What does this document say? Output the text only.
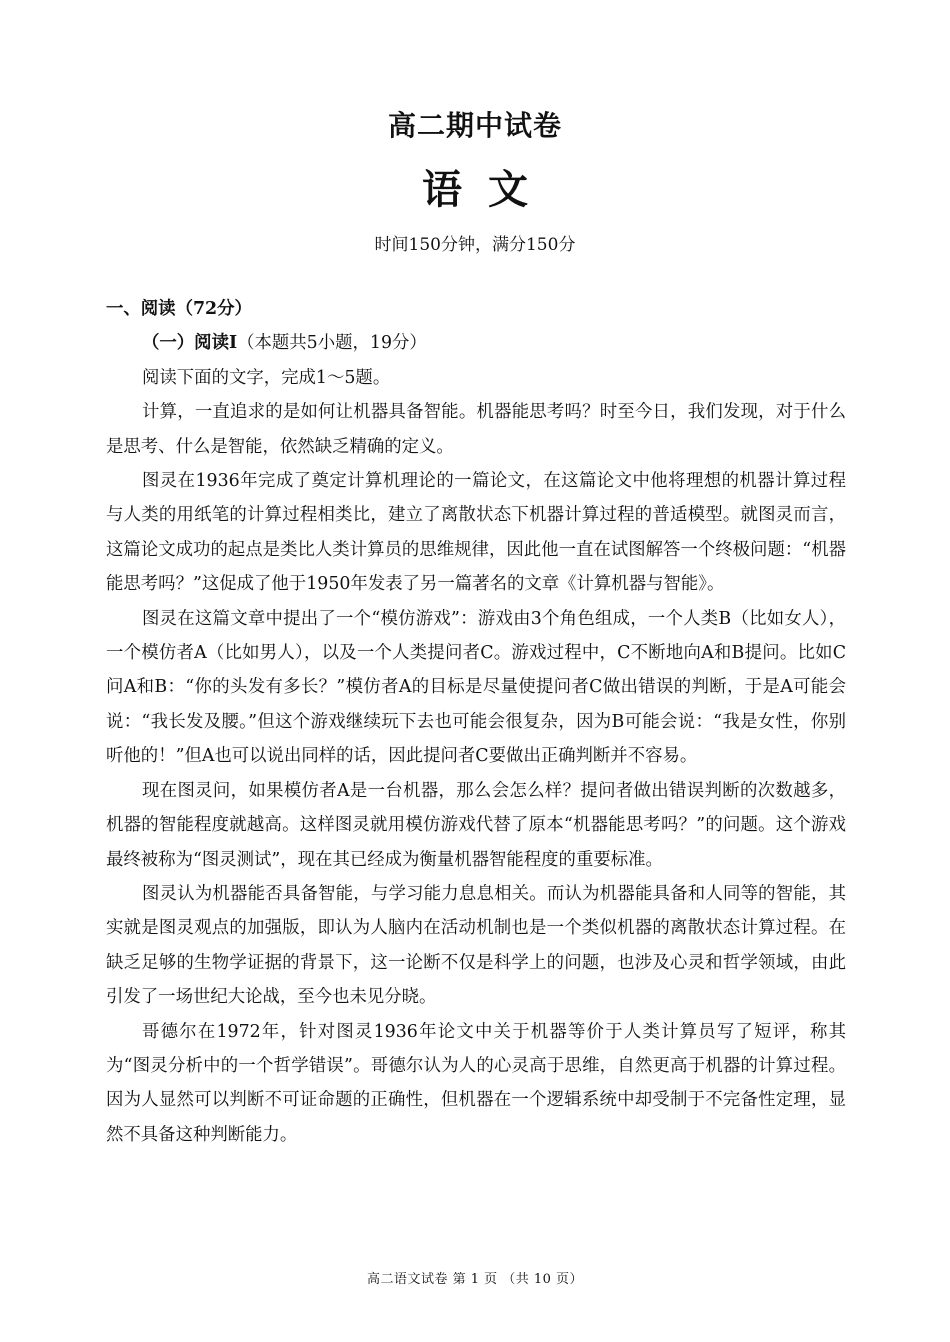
高二期中试卷
语文
时间150分钟，满分150分

一、阅读（72分）

（一）阅读Ⅰ（本题共5小题，19分）

阅读下面的文字，完成1～5题。

计算，一直追求的是如何让机器具备智能。机器能思考吗？时至今日，我们发现，对于什么是思考、什么是智能，依然缺乏精确的定义。

图灵在1936年完成了奠定计算机理论的一篇论文，在这篇论文中他将理想的机器计算过程与人类的用纸笔的计算过程相类比，建立了离散状态下机器计算过程的普适模型。就图灵而言，这篇论文成功的起点是类比人类计算员的思维规律，因此他一直在试图解答一个终极问题：“机器能思考吗？”这促成了他于1950年发表了另一篇著名的文章《计算机器与智能》。

图灵在这篇文章中提出了一个“模仿游戏”：游戏由3个角色组成，一个人类B（比如女人），一个模仿者A（比如男人），以及一个人类提问者C。游戏过程中，C不断地向A和B提问。比如C问A和B：“你的头发有多长？”模仿者A的目标是尽量使提问者C做出错误的判断，于是A可能会说：“我长发及腰。”但这个游戏继续玩下去也可能会很复杂，因为B可能会说：“我是女性，你别听他的！”但A也可以说出同样的话，因此提问者C要做出正确判断并不容易。

现在图灵问，如果模仿者A是一台机器，那么会怎么样？提问者做出错误判断的次数越多，机器的智能程度就越高。这样图灵就用模仿游戏代替了原本“机器能思考吗？”的问题。这个游戏最终被称为“图灵测试”，现在其已经成为衡量机器智能程度的重要标准。

图灵认为机器能否具备智能，与学习能力息息相关。而认为机器能具备和人同等的智能，其实就是图灵观点的加强版，即认为人脑内在活动机制也是一个类似机器的离散状态计算过程。在缺乏足够的生物学证据的背景下，这一论断不仅是科学上的问题，也涉及心灵和哲学领域，由此引发了一场世纪大论战，至今也未见分晓。

哥德尔在1972年，针对图灵1936年论文中关于机器等价于人类计算员写了短评，称其为“图灵分析中的一个哲学错误”。哥德尔认为人的心灵高于思维，自然更高于机器的计算过程。因为人显然可以判断不可证命题的正确性，但机器在一个逻辑系统中却受制于不完备性定理，显然不具备这种判断能力。

高二语文试卷 第 1 页 （共 10 页）
